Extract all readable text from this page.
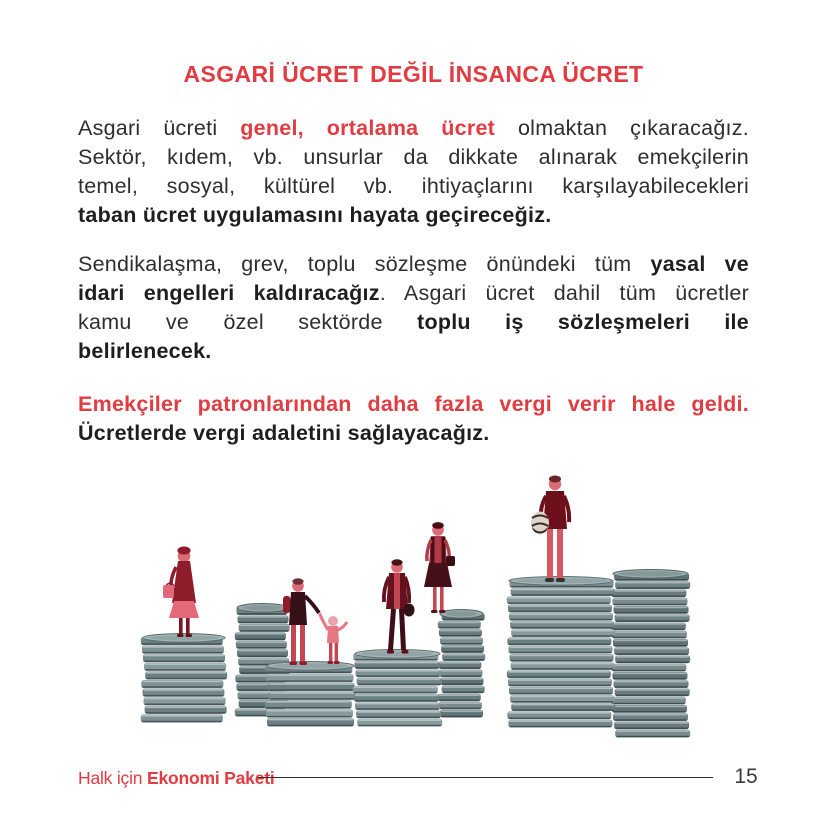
ASGARİ ÜCRET DEĞİL İNSANCA ÜCRET
Asgari ücreti genel, ortalama ücret olmaktan çıkaracağız.
Sektör, kıdem, vb. unsurlar da dikkate alınarak emekçilerin
temel, sosyal, kültürel vb. ihtiyaçlarını karşılayabilecekleri
taban ücret uygulamasını hayata geçireceğiz.
Sendikalaşma, grev, toplu sözleşme önündeki tüm yasal ve
idari engelleri kaldıracağız. Asgari ücret dahil tüm ücretler
kamu ve özel sektörde toplu iş sözleşmeleri ile
belirlenecek.
Emekçiler patronlarından daha fazla vergi verir hale geldi.
Ücretlerde vergi adaletini sağlayacağız.
Halk için Ekonomi Paketi	15
